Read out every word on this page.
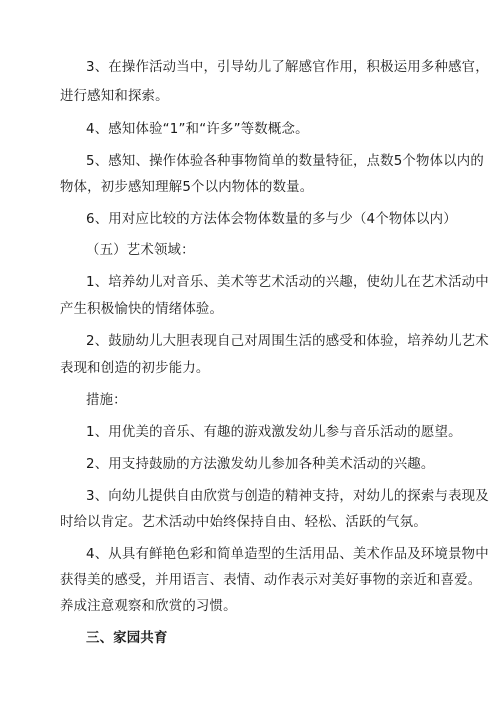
3、在操作活动当中，引导幼儿了解感官作用，积极运用多种感官，
进行感知和探索。
4、感知体验“1”和“许多”等数概念。
5、感知、操作体验各种事物简单的数量特征，点数5个物体以内的
物体，初步感知理解5个以内物体的数量。
6、用对应比较的方法体会物体数量的多与少（4个物体以内）
（五）艺术领域：
1、培养幼儿对音乐、美术等艺术活动的兴趣，使幼儿在艺术活动中
产生积极愉快的情绪体验。
2、鼓励幼儿大胆表现自己对周围生活的感受和体验，培养幼儿艺术
表现和创造的初步能力。
措施：
1、用优美的音乐、有趣的游戏激发幼儿参与音乐活动的愿望。
2、用支持鼓励的方法激发幼儿参加各种美术活动的兴趣。
3、向幼儿提供自由欣赏与创造的精神支持，对幼儿的探索与表现及
时给以肯定。艺术活动中始终保持自由、轻松、活跃的气氛。
4、从具有鲜艳色彩和简单造型的生活用品、美术作品及环境景物中
获得美的感受，并用语言、表情、动作表示对美好事物的亲近和喜爱。
养成注意观察和欣赏的习惯。
三、家园共育
